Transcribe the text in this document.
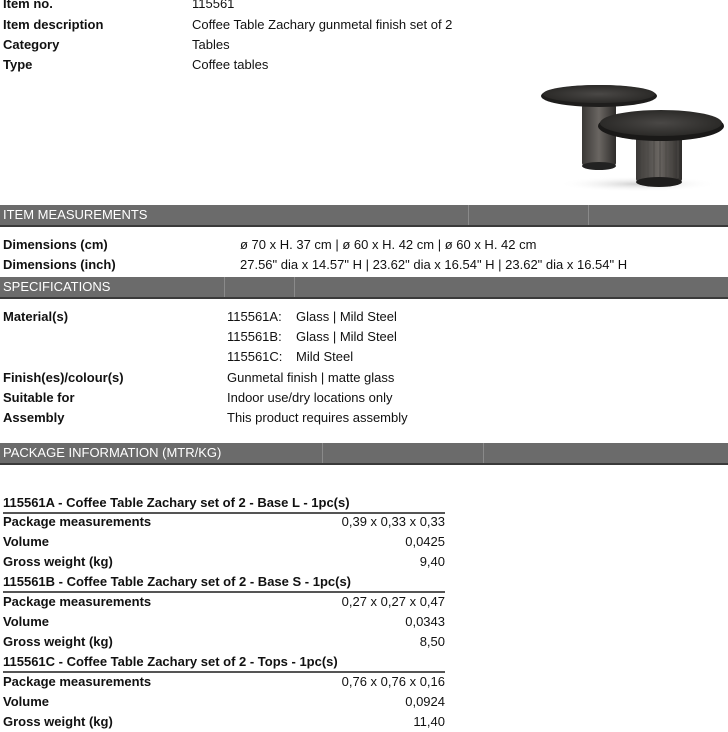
Item no.	115561
Item description	Coffee Table Zachary gunmetal finish set of 2
Category	Tables
Type	Coffee tables
ITEM MEASUREMENTS
Dimensions (cm)	ø 70 x H. 37 cm | ø 60 x H. 42 cm | ø 60 x H. 42 cm
Dimensions (inch)	27.56" dia x 14.57" H | 23.62" dia x 16.54" H | 23.62" dia x 16.54" H
SPECIFICATIONS
Material(s)	115561A: Glass | Mild Steel
115561B: Glass | Mild Steel
115561C: Mild Steel
Finish(es)/colour(s)	Gunmetal finish | matte glass
Suitable for	Indoor use/dry locations only
Assembly	This product requires assembly
PACKAGE INFORMATION (MTR/KG)
115561A - Coffee Table Zachary set of 2 - Base L - 1pc(s)
Package measurements	0,39 x 0,33 x 0,33
Volume	0,0425
Gross weight (kg)	9,40
115561B - Coffee Table Zachary set of 2 - Base S - 1pc(s)
Package measurements	0,27 x 0,27 x 0,47
Volume	0,0343
Gross weight (kg)	8,50
115561C - Coffee Table Zachary set of 2 - Tops - 1pc(s)
Package measurements	0,76 x 0,76 x 0,16
Volume	0,0924
Gross weight (kg)	11,40
